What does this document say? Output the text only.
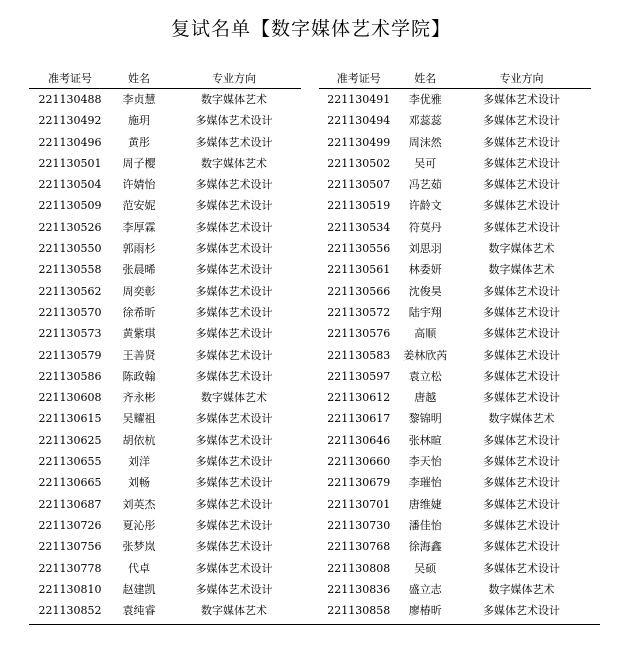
复试名单【数字媒体艺术学院】
准考证号	姓名	专业方向
221130488	李贞慧	数字媒体艺术
221130492	施玥	多媒体艺术设计
221130496	黄彤	多媒体艺术设计
221130501	周子樱	数字媒体艺术
221130504	许婧怡	多媒体艺术设计
221130509	范安妮	多媒体艺术设计
221130526	李厚霖	多媒体艺术设计
221130550	郭雨杉	多媒体艺术设计
221130558	张晨晞	多媒体艺术设计
221130562	周奕彰	多媒体艺术设计
221130570	徐希昕	多媒体艺术设计
221130573	黄紫琪	多媒体艺术设计
221130579	王善贤	多媒体艺术设计
221130586	陈政翰	多媒体艺术设计
221130608	齐永彬	数字媒体艺术
221130615	吴耀祖	多媒体艺术设计
221130625	胡依杭	多媒体艺术设计
221130655	刘洋	多媒体艺术设计
221130665	刘畅	多媒体艺术设计
221130687	刘英杰	多媒体艺术设计
221130726	夏沁彤	多媒体艺术设计
221130756	张梦岚	多媒体艺术设计
221130778	代卓	多媒体艺术设计
221130810	赵建凯	多媒体艺术设计
221130852	袁纯睿	数字媒体艺术
准考证号	姓名	专业方向
221130491	李优雅	多媒体艺术设计
221130494	邓蕊蕊	多媒体艺术设计
221130499	周沫然	多媒体艺术设计
221130502	吴可	多媒体艺术设计
221130507	冯艺茹	多媒体艺术设计
221130519	许龄文	多媒体艺术设计
221130534	符莫丹	多媒体艺术设计
221130556	刘思羽	数字媒体艺术
221130561	林委妍	数字媒体艺术
221130566	沈俊昊	多媒体艺术设计
221130572	陆宇翔	多媒体艺术设计
221130576	高顺	多媒体艺术设计
221130583	姜林欣芮	多媒体艺术设计
221130597	袁立松	多媒体艺术设计
221130612	唐越	多媒体艺术设计
221130617	黎锦明	数字媒体艺术
221130646	张林暄	多媒体艺术设计
221130660	李天怡	多媒体艺术设计
221130679	李璀怡	多媒体艺术设计
221130701	唐维婕	多媒体艺术设计
221130730	潘佳怡	多媒体艺术设计
221130768	徐海鑫	多媒体艺术设计
221130808	吴硕	多媒体艺术设计
221130836	盛立志	数字媒体艺术
221130858	廖椿昕	多媒体艺术设计
